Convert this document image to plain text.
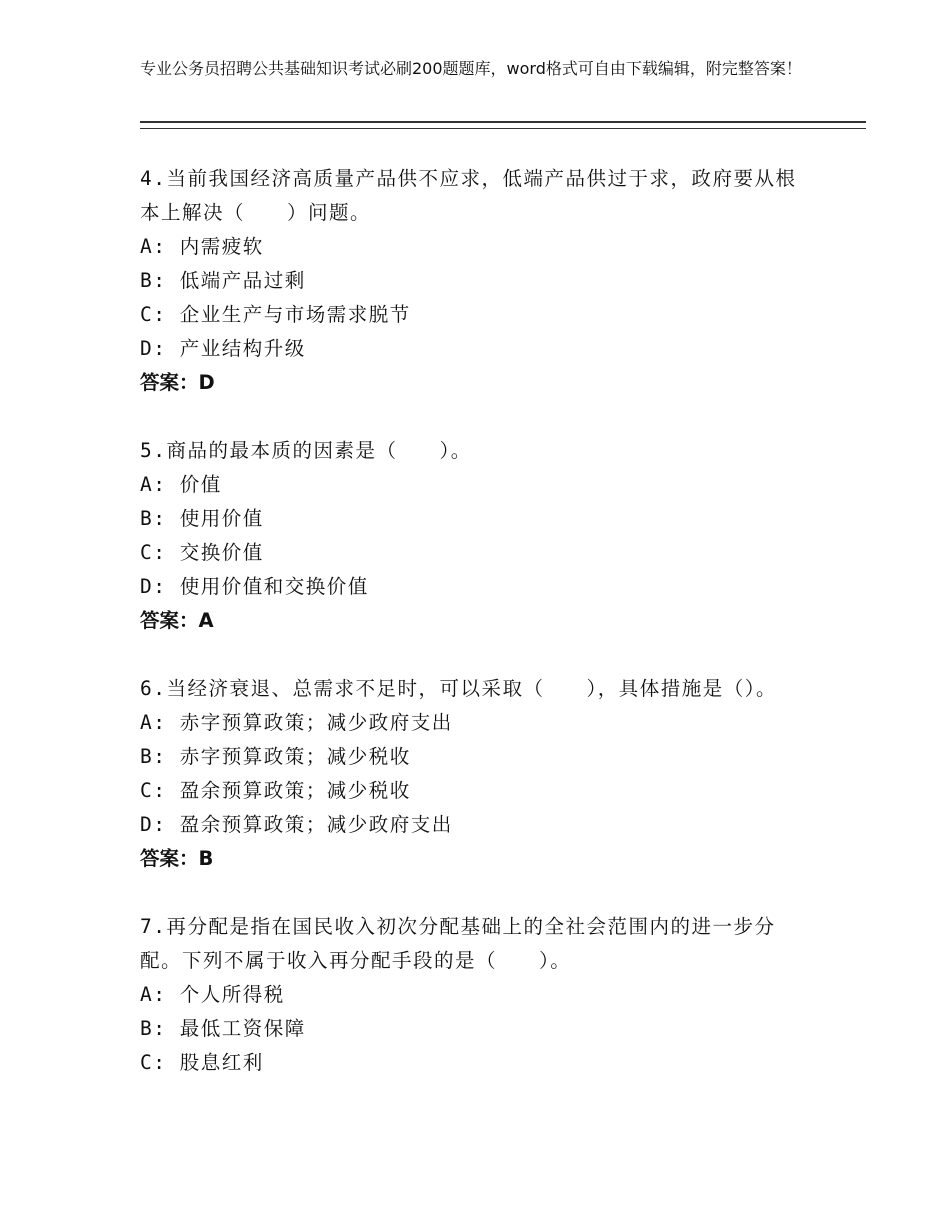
专业公务员招聘公共基础知识考试必刷200题题库，word格式可自由下载编辑，附完整答案！

4.当前我国经济高质量产品供不应求，低端产品供过于求，政府要从根本上解决（　　）问题。

A: 内需疲软

B: 低端产品过剩

C: 企业生产与市场需求脱节

D: 产业结构升级

答案：D

5.商品的最本质的因素是（　　）。

A: 价值

B: 使用价值

C: 交换价值

D: 使用价值和交换价值

答案：A

6.当经济衰退、总需求不足时，可以采取（　　），具体措施是（）。

A: 赤字预算政策；减少政府支出

B: 赤字预算政策；减少税收

C: 盈余预算政策；减少税收

D: 盈余预算政策；减少政府支出

答案：B

7.再分配是指在国民收入初次分配基础上的全社会范围内的进一步分配。下列不属于收入再分配手段的是（　　）。

A: 个人所得税

B: 最低工资保障

C: 股息红利
